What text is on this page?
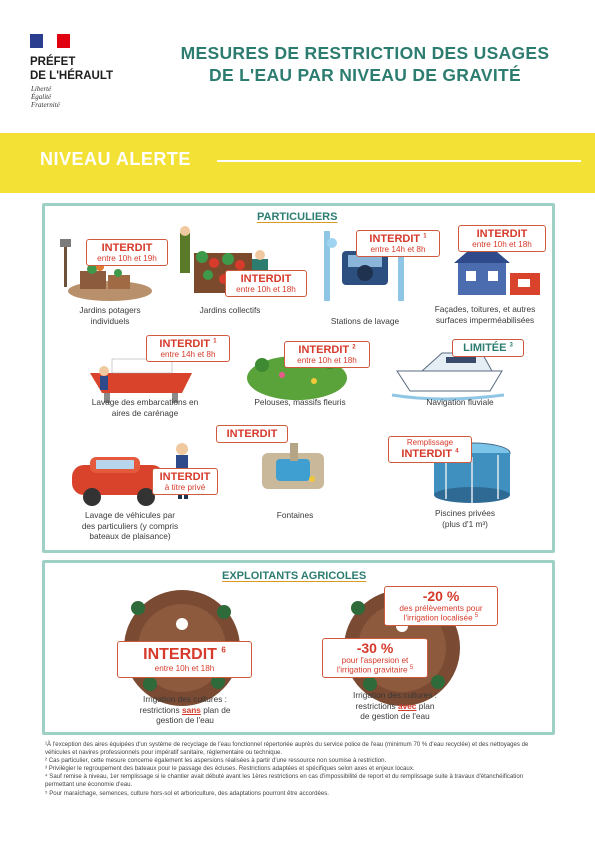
PRÉFET
DE L'HÉRAULT
Liberté
Égalité
Fraternité
MESURES DE RESTRICTION DES USAGES
DE L'EAU PAR NIVEAU DE GRAVITÉ
NIVEAU ALERTE
PARTICULIERS
INTERDIT
entre 10h et 19h
Jardins potagers
individuels
INTERDIT
entre 10h et 18h
Jardins collectifs
INTERDIT $^1$
entre 14h et 8h
Stations de lavage
INTERDIT
entre 10h et 18h
Façades, toitures, et autres
surfaces imperméabilisées
INTERDIT $^1$
entre 14h et 8h
Lavage des embarcations en
aires de carénage
INTERDIT $^2$
entre 10h et 18h
Pelouses, massifs fleuris
LIMITÉE $^3$
Navigation fluviale
INTERDIT
Fontaines
INTERDIT
à titre privé
Lavage de véhicules par
des particuliers (y compris
bateaux de plaisance)
Remplissage
INTERDIT $^4$
Piscines privées
(plus d'1 m³)
EXPLOITANTS AGRICOLES
INTERDIT $^6$
entre 10h et 18h
Irrigation des cultures :
restrictions sans plan de
gestion de l'eau
-20 %
des prélèvements pour
l'irrigation localisée $^5$
-30 %
pour l'aspersion et
l'irrigation gravitaire $^5$
Irrigation des cultures :
restrictions avec plan
de gestion de l'eau

¹À l'exception des aires équipées d'un système de recyclage de l'eau fonctionnel répertoriée auprès du service police de l'eau (minimum 70 % d'eau recyclée) et des nettoyages de véhicules et navires professionnels pour impératif sanitaire, réglementaire ou technique.

² Cas particulier, cette mesure concerne également les aspersions réalisées à partir d'une ressource non soumise à restriction.

³ Privilégier le regroupement des bateaux pour le passage des écluses. Restrictions adaptées et spécifiques selon axes et enjeux locaux.

⁴ Sauf remise à niveau, 1er remplissage si le chantier avait débuté avant les 1ères restrictions en cas d'impossibilité de report et du remplissage suite à travaux d'étanchéification permettant une économie d'eau.

⁵ Pour maraîchage, semences, culture hors-sol et arboriculture, des adaptations pourront être accordées.
